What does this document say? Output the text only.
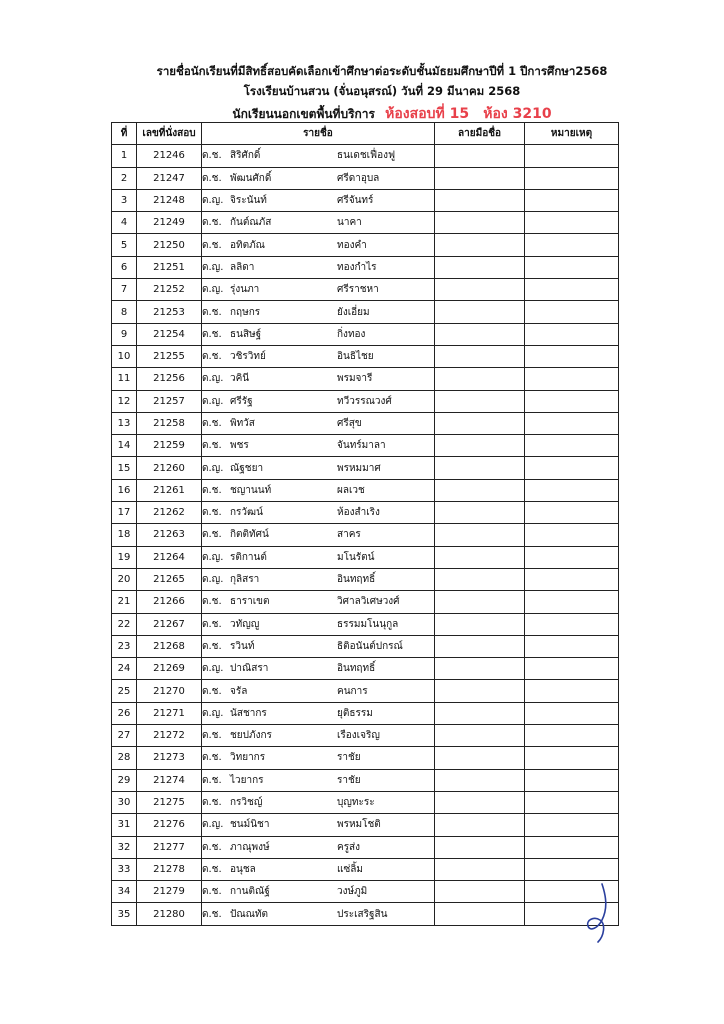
รายชื่อนักเรียนที่มีสิทธิ์สอบคัดเลือกเข้าศึกษาต่อระดับชั้นมัธยมศึกษาปีที่ 1 ปีการศึกษา2568
โรงเรียนบ้านสวน (จั่นอนุสรณ์) วันที่ 29 มีนาคม 2568
นักเรียนนอกเขตพื้นที่บริการ ห้องสอบที่ 15 ห้อง 3210
ที่	เลขที่นั่งสอบ	รายชื่อ	ลายมือชื่อ	หมายเหตุ
1	21246	ด.ช. สิริศักดิ์ ธนเดชเฟื่องฟู		
2	21247	ด.ช. พัฒนศักดิ์ ศรีดาอุบล		
3	21248	ด.ญ. จิระนันท์ ศรีจันทร์		
4	21249	ด.ช. กันต์ณภัส นาคา		
5	21250	ด.ช. อทิตภัณ ทองคำ		
6	21251	ด.ญ. ลลิดา ทองกำไร		
7	21252	ด.ญ. รุ่งนภา ศรีราชหา		
8	21253	ด.ช. กฤษกร ยังเอี่ยม		
9	21254	ด.ช. ธนสิษฐ์ กิ่งทอง		
10	21255	ด.ช. วชิรวิทย์ อินธิไชย		
11	21256	ด.ญ. วคินี พรมจารี		
12	21257	ด.ญ. ศรีรัฐ ทวีวรรณวงศ์		
13	21258	ด.ช. พิทวัส ศรีสุข		
14	21259	ด.ช. พชร จันทร์มาลา		
15	21260	ด.ญ. ณัฐชยา พรหมมาศ		
16	21261	ด.ช. ชญานนท์ ผลเวช		
17	21262	ด.ช. กรวัฒน์ ห้องสำเริง		
18	21263	ด.ช. กิตติทัศน์ สาคร		
19	21264	ด.ญ. รติกานต์ มโนรัตน์		
20	21265	ด.ญ. กุลิสรา อินทฤทธิ์		
21	21266	ด.ช. ธาราเขต วิศาลวิเศษวงศ์		
22	21267	ด.ช. วทัญญู ธรรมมโนนุกูล		
23	21268	ด.ช. รวินท์ ธิติอนันต์ปกรณ์		
24	21269	ด.ญ. ปาณิสรา อินทฤทธิ์		
25	21270	ด.ช. จรัล คนการ		
26	21271	ด.ญ. นัสชากร ยุติธรรม		
27	21272	ด.ช. ชยปภังกร เรืองเจริญ		
28	21273	ด.ช. วิทยากร ราชัย		
29	21274	ด.ช. ไวยากร ราชัย		
30	21275	ด.ช. กรวิชญ์ บุญทะระ		
31	21276	ด.ญ. ชนม์นิชา พรหมโชติ		
32	21277	ด.ช. ภาณุพงษ์ ครูส่ง		
33	21278	ด.ช. อนุชล แซ่ลิ้ม		
34	21279	ด.ช. กานติณัฐ์ วงษ์ภูมิ		
35	21280	ด.ช. ปัณณทัต ประเสริฐสิน		
